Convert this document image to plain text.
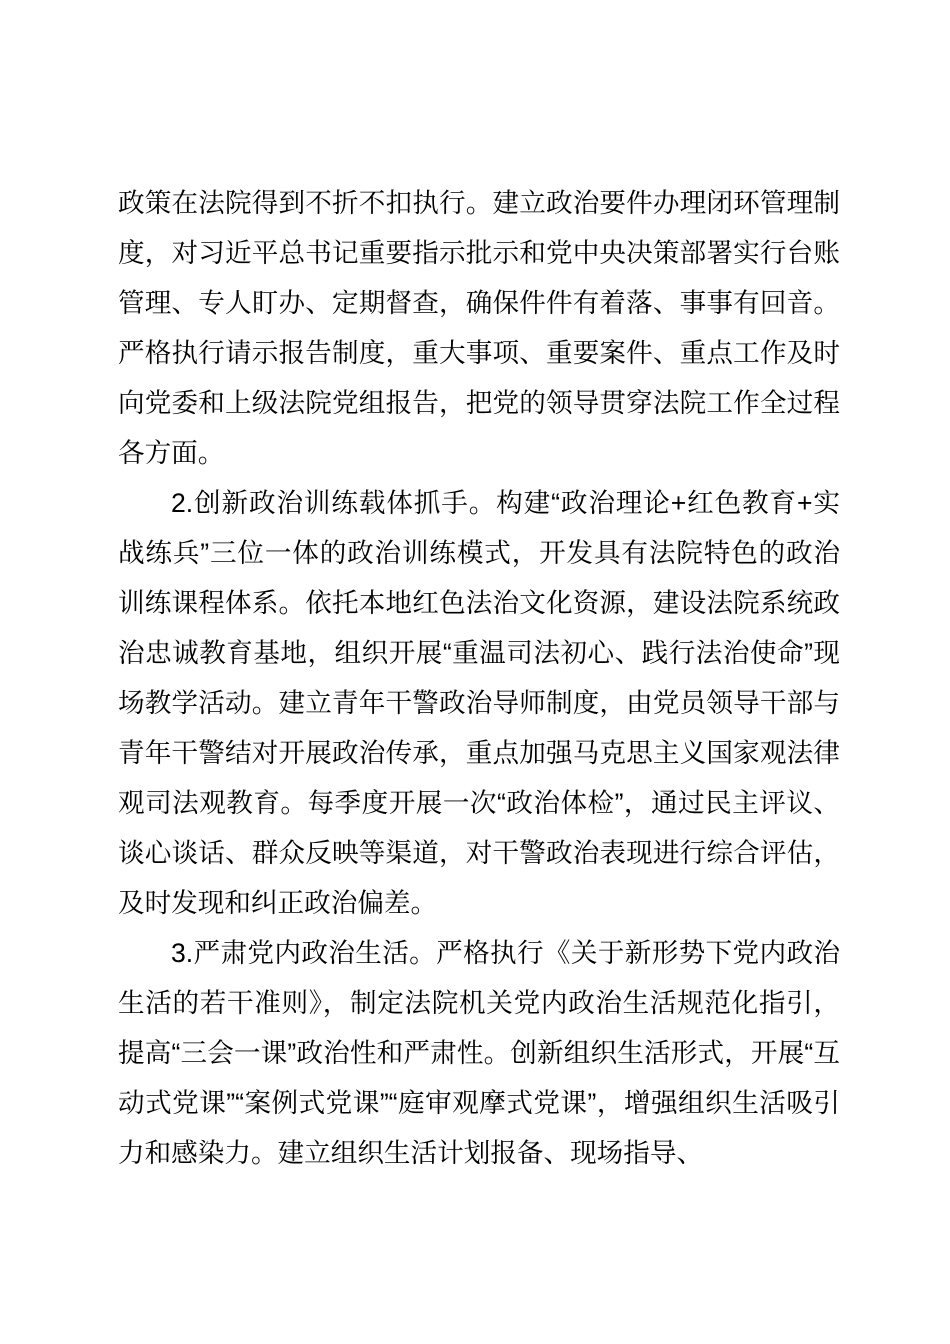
政策在法院得到不折不扣执行。建立政治要件办理闭环管理制度，对习近平总书记重要指示批示和党中央决策部署实行台账管理、专人盯办、定期督查，确保件件有着落、事事有回音。严格执行请示报告制度，重大事项、重要案件、重点工作及时向党委和上级法院党组报告，把党的领导贯穿法院工作全过程各方面。

2.创新政治训练载体抓手。构建“政治理论+红色教育+实战练兵”三位一体的政治训练模式，开发具有法院特色的政治训练课程体系。依托本地红色法治文化资源，建设法院系统政治忠诚教育基地，组织开展“重温司法初心、践行法治使命”现场教学活动。建立青年干警政治导师制度，由党员领导干部与青年干警结对开展政治传承，重点加强马克思主义国家观法律观司法观教育。每季度开展一次“政治体检”，通过民主评议、谈心谈话、群众反映等渠道，对干警政治表现进行综合评估，及时发现和纠正政治偏差。

3.严肃党内政治生活。严格执行《关于新形势下党内政治生活的若干准则》，制定法院机关党内政治生活规范化指引，提高“三会一课”政治性和严肃性。创新组织生活形式，开展“互动式党课”“案例式党课”“庭审观摩式党课”，增强组织生活吸引力和感染力。建立组织生活计划报备、现场指导、
